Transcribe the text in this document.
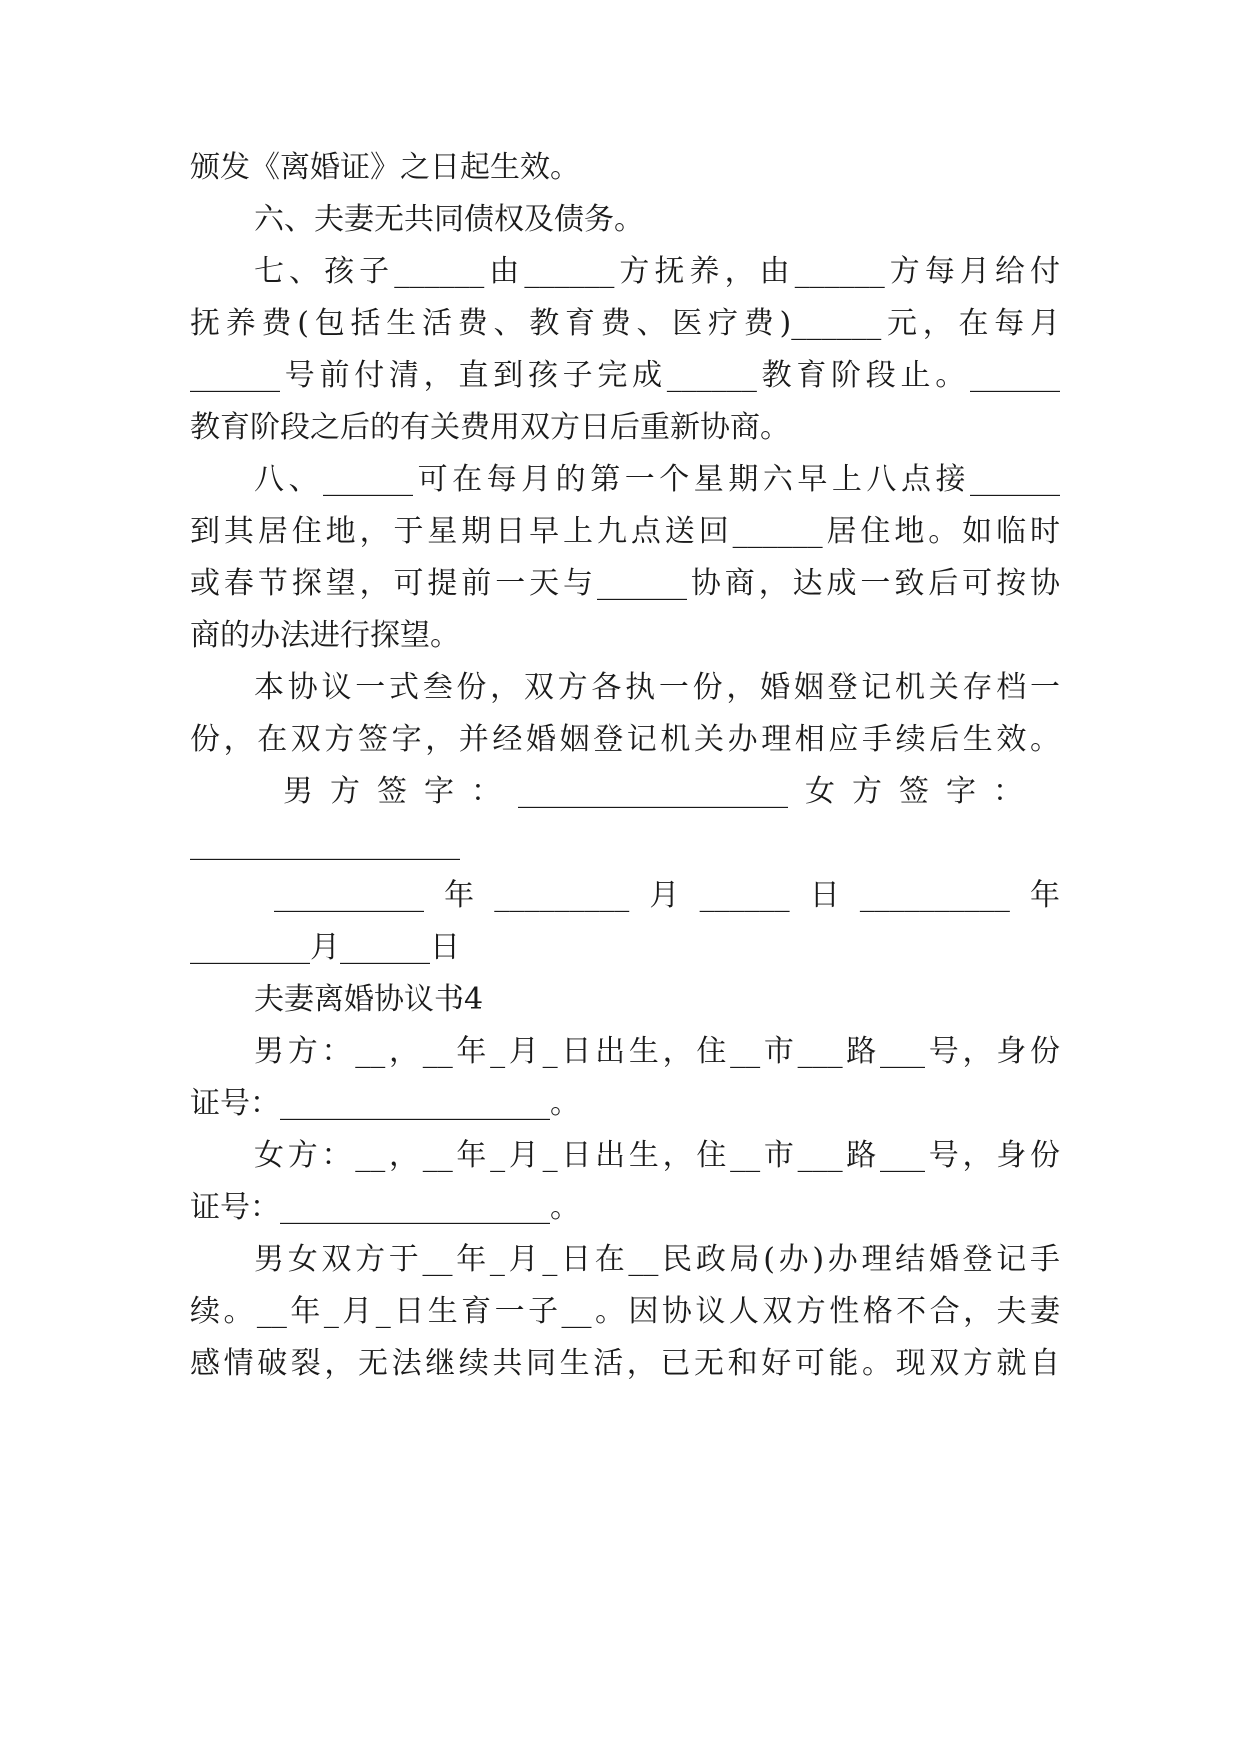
颁发《离婚证》之日起生效。
六、夫妻无共同债权及债务。
七、孩子______由______方抚养，由______方每月给付
抚养费(包括生活费、教育费、医疗费)______元，在每月
______号前付清，直到孩子完成______教育阶段止。______
教育阶段之后的有关费用双方日后重新协商。
八、______可在每月的第一个星期六早上八点接______
到其居住地，于星期日早上九点送回______居住地。如临时
或春节探望，可提前一天与______协商，达成一致后可按协
商的办法进行探望。
本协议一式叁份，双方各执一份，婚姻登记机关存档一
份，在双方签字，并经婚姻登记机关办理相应手续后生效。
男方签字：__________________女方签字：
__________________
__________年_________月______日__________年
________月______日
夫妻离婚协议书4
男方：__，__年_月_日出生，住__市___路___号，身份
证号：__________________。
女方：__，__年_月_日出生，住__市___路___号，身份
证号：__________________。
男女双方于__年_月_日在__民政局(办)办理结婚登记手
续。__年_月_日生育一子__。因协议人双方性格不合，夫妻
感情破裂，无法继续共同生活，已无和好可能。现双方就自
